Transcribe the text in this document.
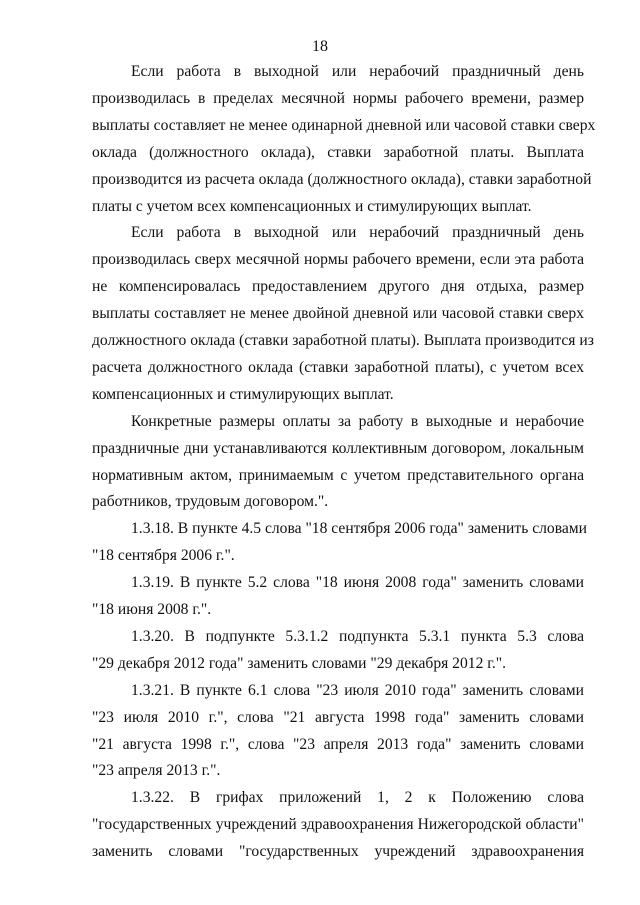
18
Если работа в выходной или нерабочий праздничный день
производилась в пределах месячной нормы рабочего времени, размер
выплаты составляет не менее одинарной дневной или часовой ставки сверх
оклада (должностного оклада), ставки заработной платы. Выплата
производится из расчета оклада (должностного оклада), ставки заработной
платы с учетом всех компенсационных и стимулирующих выплат.
Если работа в выходной или нерабочий праздничный день
производилась сверх месячной нормы рабочего времени, если эта работа
не компенсировалась предоставлением другого дня отдыха, размер
выплаты составляет не менее двойной дневной или часовой ставки сверх
должностного оклада (ставки заработной платы). Выплата производится из
расчета должностного оклада (ставки заработной платы), с учетом всех
компенсационных и стимулирующих выплат.
Конкретные размеры оплаты за работу в выходные и нерабочие
праздничные дни устанавливаются коллективным договором, локальным
нормативным актом, принимаемым с учетом представительного органа
работников, трудовым договором.".
1.3.18. В пункте 4.5 слова "18 сентября 2006 года" заменить словами
"18 сентября 2006 г.".
1.3.19. В пункте 5.2 слова "18 июня 2008 года" заменить словами
"18 июня 2008 г.".
1.3.20. В подпункте 5.3.1.2 подпункта 5.3.1 пункта 5.3 слова
"29 декабря 2012 года" заменить словами "29 декабря 2012 г.".
1.3.21. В пункте 6.1 слова "23 июля 2010 года" заменить словами
"23 июля 2010 г.", слова "21 августа 1998 года" заменить словами
"21 августа 1998 г.", слова "23 апреля 2013 года" заменить словами
"23 апреля 2013 г.".
1.3.22. В грифах приложений 1, 2 к Положению слова
"государственных учреждений здравоохранения Нижегородской области"
заменить словами "государственных учреждений здравоохранения
